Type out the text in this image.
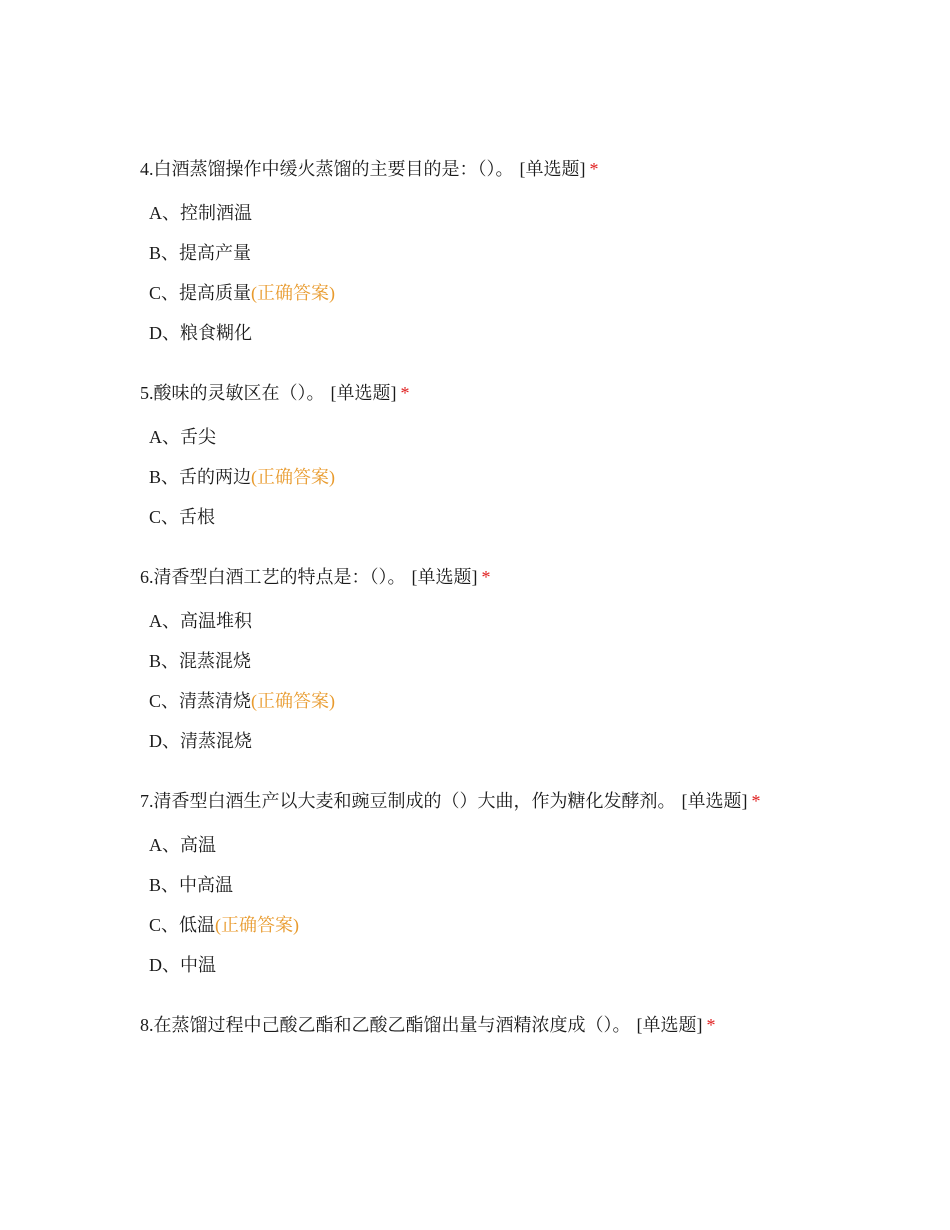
4.白酒蒸馏操作中缓火蒸馏的主要目的是：（）。 [单选题] *
A、控制酒温
B、提高产量
C、提高质量(正确答案)
D、粮食糊化
5.酸味的灵敏区在（）。 [单选题] *
A、舌尖
B、舌的两边(正确答案)
C、舌根
6.清香型白酒工艺的特点是：（）。 [单选题] *
A、高温堆积
B、混蒸混烧
C、清蒸清烧(正确答案)
D、清蒸混烧
7.清香型白酒生产以大麦和豌豆制成的（）大曲，作为糖化发酵剂。 [单选题] *
A、高温
B、中高温
C、低温(正确答案)
D、中温
8.在蒸馏过程中己酸乙酯和乙酸乙酯馏出量与酒精浓度成（）。 [单选题] *
